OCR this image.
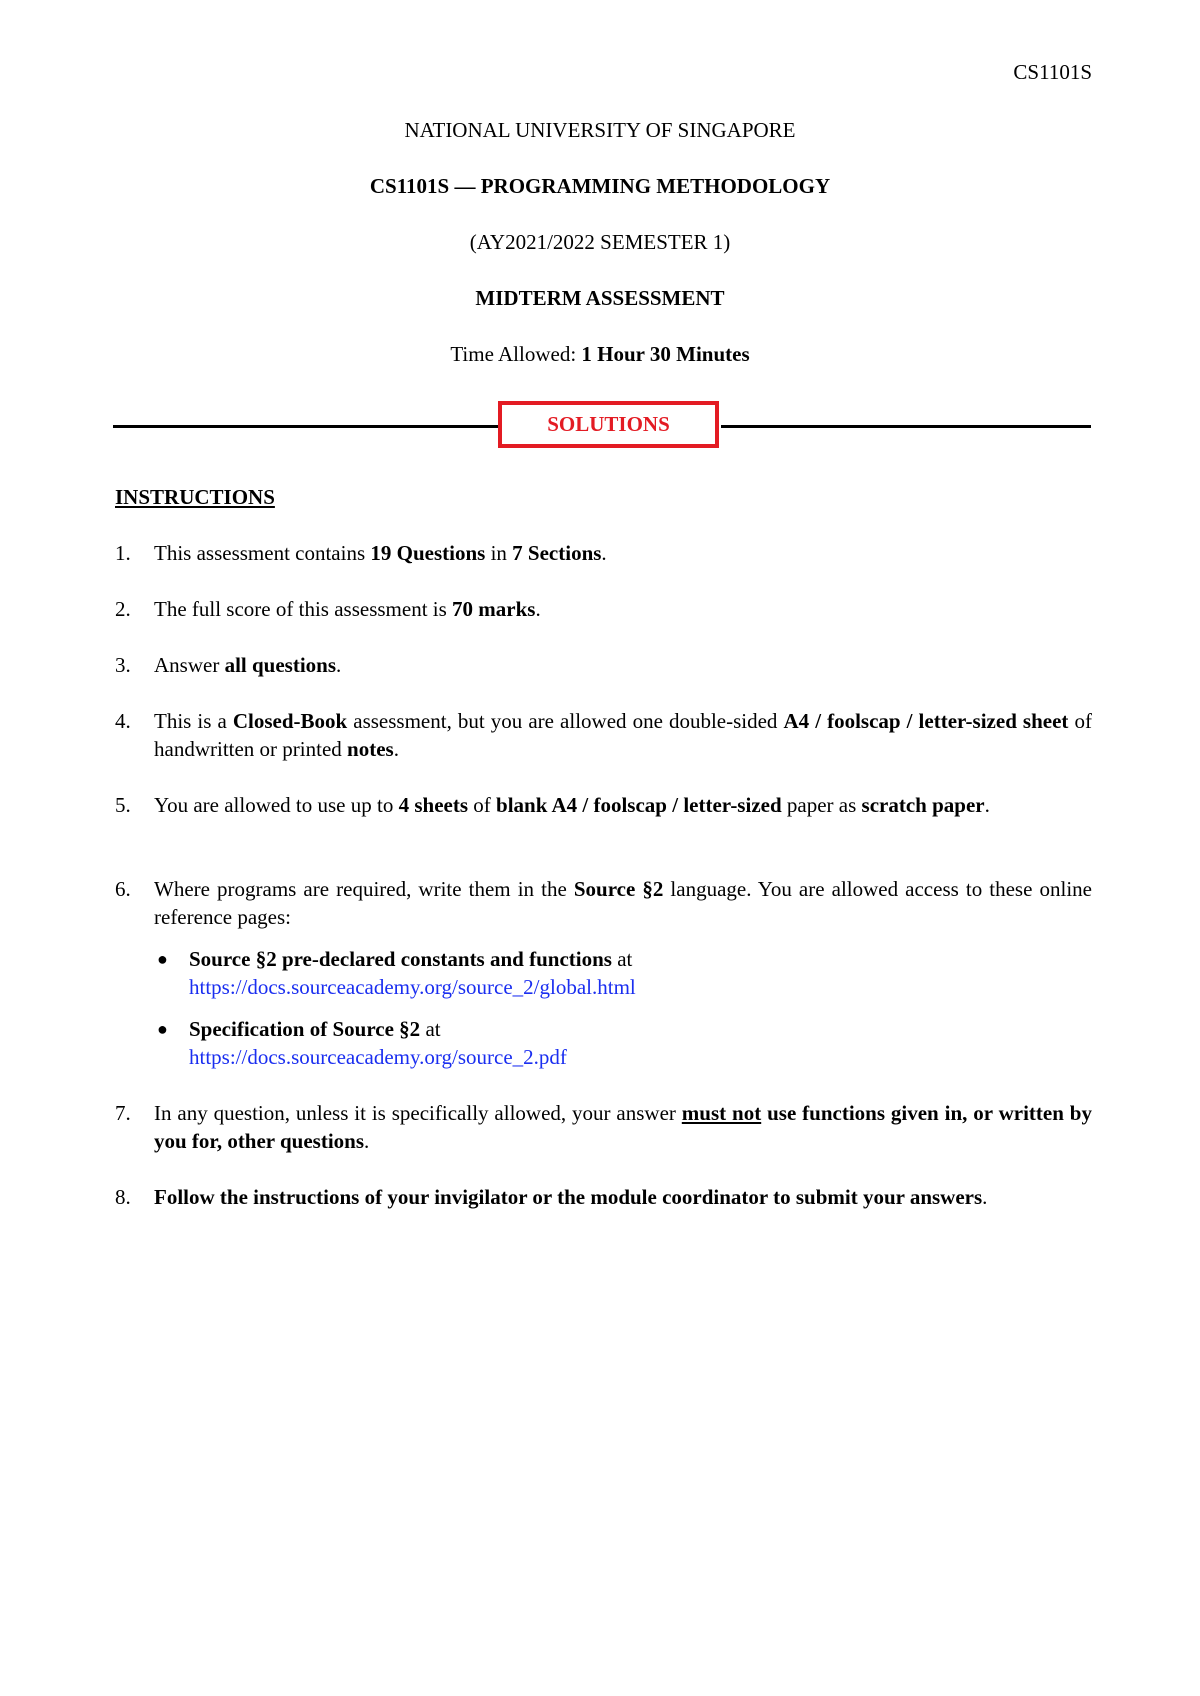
CS1101S
NATIONAL UNIVERSITY OF SINGAPORE
CS1101S — PROGRAMMING METHODOLOGY
(AY2021/2022 SEMESTER 1)
MIDTERM ASSESSMENT
Time Allowed: 1 Hour 30 Minutes
SOLUTIONS
INSTRUCTIONS
1.	This assessment contains 19 Questions in 7 Sections.
2.	The full score of this assessment is 70 marks.
3.	Answer all questions.
4.	This is a Closed-Book assessment, but you are allowed one double-sided A4 / foolscap / letter-sized sheet of handwritten or printed notes.
5.	You are allowed to use up to 4 sheets of blank A4 / foolscap / letter-sized paper as scratch paper.
6.	Where programs are required, write them in the Source §2 language. You are allowed access to these online reference pages:
● Source §2 pre-declared constants and functions at
https://docs.sourceacademy.org/source_2/global.html
● Specification of Source §2 at
https://docs.sourceacademy.org/source_2.pdf
7.	In any question, unless it is specifically allowed, your answer must not use functions given in, or written by you for, other questions.
8.	Follow the instructions of your invigilator or the module coordinator to submit your answers.
